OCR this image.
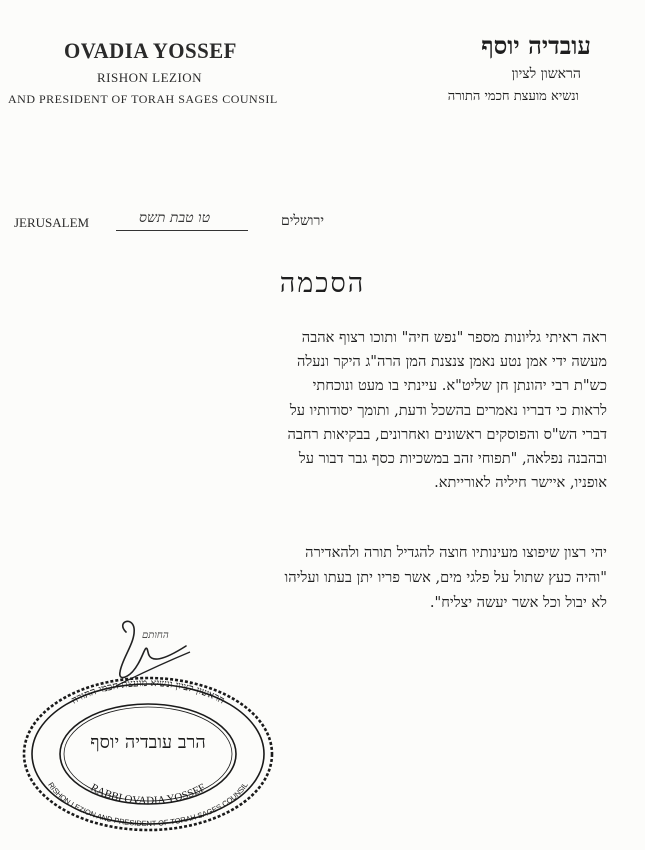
OVADIA YOSSEF
RISHON LEZION
AND PRESIDENT OF TORAH SAGES COUNSIL
עובדיה יוסף
הראשון לציון
ונשיא מועצת חכמי התורה
JERUSALEM	טו טבת תשס	ירושלים
הסכמה
ראה ראיתי גליונות מספר "נפש חיה" ותוכו רצוף אהבה
מעשה ידי אמן נטע נאמן צנצנת המן הרה"ג היקר ונעלה
כש"ת רבי יהונתן חן שליט"א. עיינתי בו מעט ונוכחתי
לראות כי דבריו נאמרים בהשכל ודעת, ותומך יסודותיו על
דברי הש"ס והפוסקים ראשונים ואחרונים, בבקיאות רחבה
ובהבנה נפלאה, "תפוחי זהב במשכיות כסף גבר דבור על
אופניו, איישר חיליה לאורייתא.
יהי רצון שיפוצו מעינותיו חוצה להגדיל תורה ולהאדירה
"והיה כעץ שתול על פלגי מים, אשר פריו יתן בעתו ועליהו
לא יבול וכל אשר יעשה יצליח".
החותם
הראשון לציון ונשיא מועצת חכמי התורה
RISHON LEZION AND PRESIDENT OF TORAH SAGES COUNSIL
הרב עובדיה יוסף
RABBI OVADIA YOSSEF
